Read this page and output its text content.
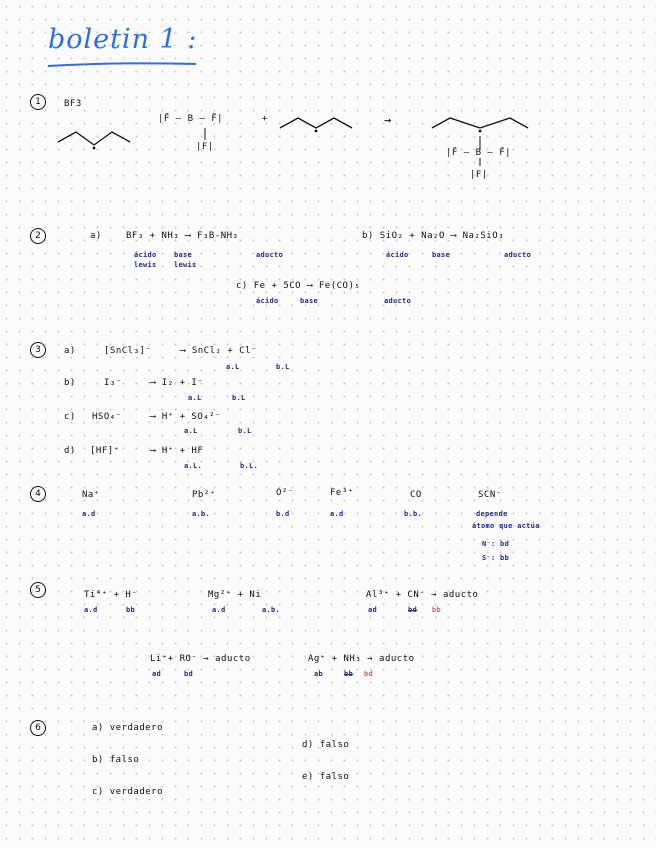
boletin 1 :
1
2
3
4
5
6
BF3
|F̄ — B — F̄|	+
|F|
→
|F̄ — B — F̄|
|F|
a)	BF₃ + NH₃ ⟶ F₃B-NH₃
ácido
lewis
base
lewis
aducto
b) SiO₂ + Na₂O ⟶ Na₂SiO₃
ácido	base	aducto
c) Fe + 5CO ⟶ Fe(CO)₅
ácido	base	aducto
a)	[SnCl₃]⁻	⟶ SnCl₂ + Cl⁻
a.L	b.L
b)	I₃⁻	⟶ I₂ + I⁻
a.L	b.L
c) HSO₄⁻	⟶ H⁺ + SO₄²⁻
a.L	b.L
d) [HF]⁺	⟶ H⁺ + HF
a.L.	b.L.
Na⁺
a.d
Pb²⁺
a.b.
O²⁻
b.d
Fe³⁺
a.d
CO
b.b.
SCN⁻
depende
átomo que actúa
N⁻: bd
S⁻: bb
Ti⁴⁺ + H⁻
a.d	bb
Mg²⁺ + Ni
a.d	a.b.
Al³⁺ + CN⁻ → aducto
ad	bd bb
Li⁺+ RO⁻ → aducto
ad	bd
Ag⁺ + NH₃ → aducto
ab	bb bd
a) verdadero
b) falso
c) verdadero
d) falso
e) falso
